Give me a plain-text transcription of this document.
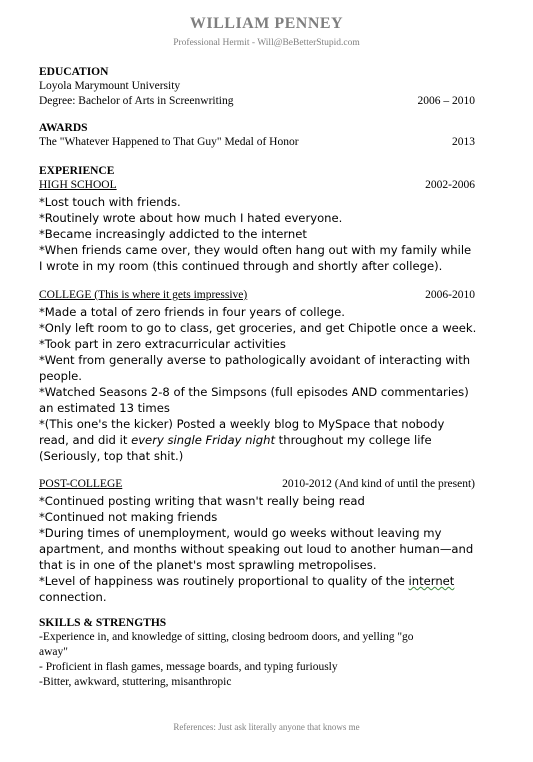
WILLIAM PENNEY
Professional Hermit - Will@BeBetterStupid.com
EDUCATION
Loyola Marymount University
Degree: Bachelor of Arts in Screenwriting	2006 – 2010
AWARDS
The "Whatever Happened to That Guy" Medal of Honor	2013
EXPERIENCE
HIGH SCHOOL	2002-2006
*Lost touch with friends.
*Routinely wrote about how much I hated everyone.
*Became increasingly addicted to the internet
*When friends came over, they would often hang out with my family while
I wrote in my room (this continued through and shortly after college).
COLLEGE (This is where it gets impressive)	2006-2010
*Made a total of zero friends in four years of college.
*Only left room to go to class, get groceries, and get Chipotle once a week.
*Took part in zero extracurricular activities
*Went from generally averse to pathologically avoidant of interacting with
people.
*Watched Seasons 2-8 of the Simpsons (full episodes AND commentaries)
an estimated 13 times
*(This one's the kicker) Posted a weekly blog to MySpace that nobody
read, and did it every single Friday night throughout my college life
(Seriously, top that shit.)
POST-COLLEGE	2010-2012 (And kind of until the present)
*Continued posting writing that wasn't really being read
*Continued not making friends
*During times of unemployment, would go weeks without leaving my
apartment, and months without speaking out loud to another human—and
that is in one of the planet's most sprawling metropolises.
*Level of happiness was routinely proportional to quality of the internet
connection.
SKILLS & STRENGTHS
-Experience in, and knowledge of sitting, closing bedroom doors, and yelling "go
away"
- Proficient in flash games, message boards, and typing furiously
-Bitter, awkward, stuttering, misanthropic
References: Just ask literally anyone that knows me
